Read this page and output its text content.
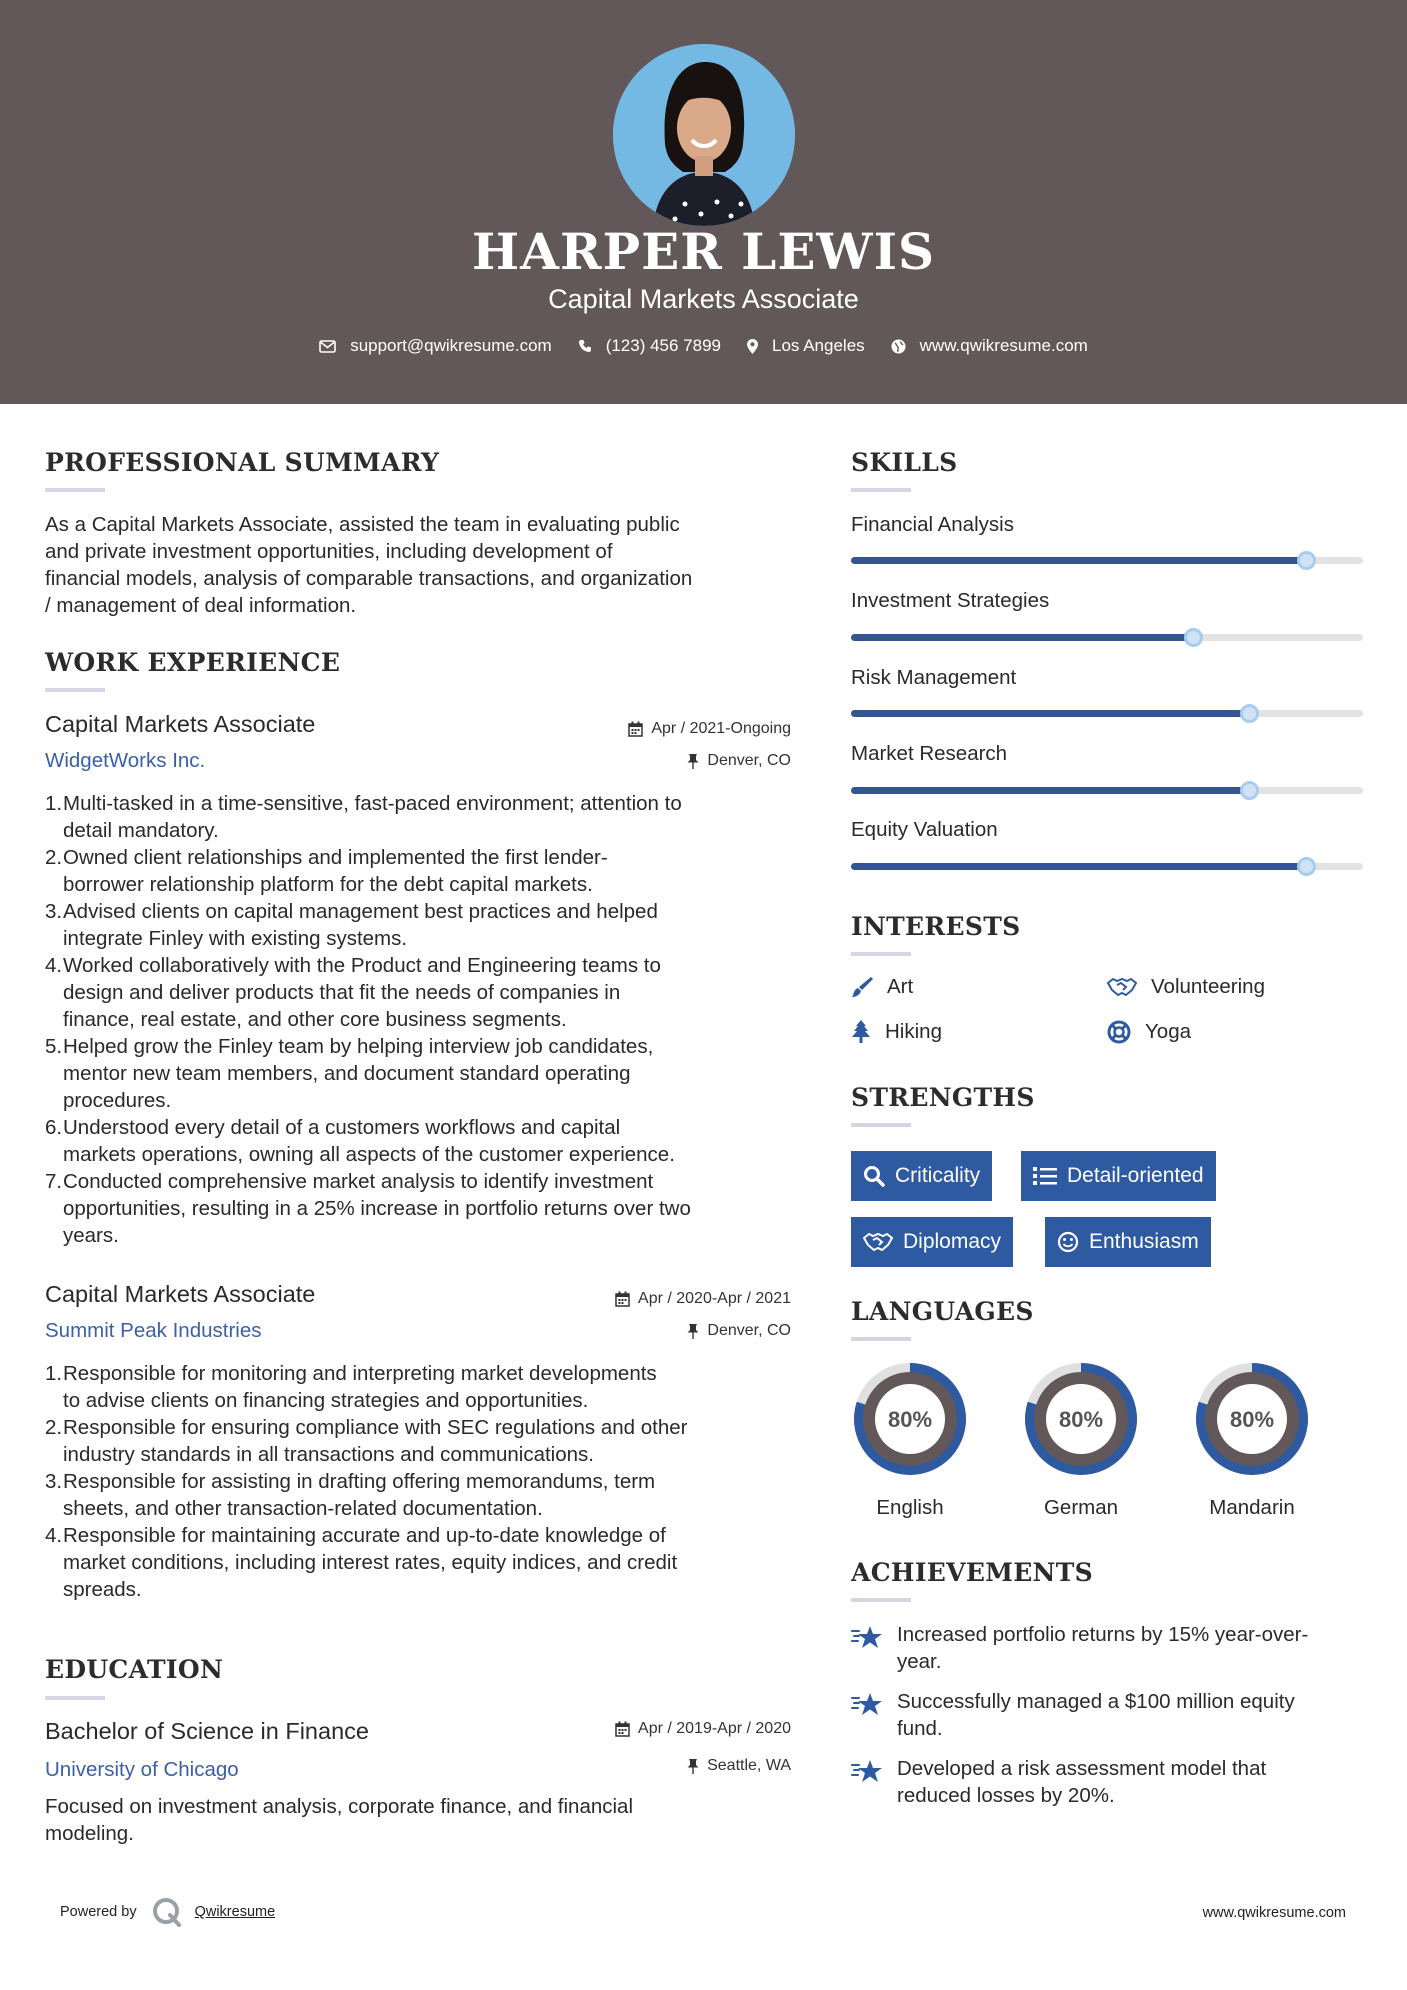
HARPER LEWIS
Capital Markets Associate
support@qwikresume.com	(123) 456 7899	Los Angeles	www.qwikresume.com
PROFESSIONAL SUMMARY
As a Capital Markets Associate, assisted the team in evaluating public
and private investment opportunities, including development of
financial models, analysis of comparable transactions, and organization
/ management of deal information.
WORK EXPERIENCE
Capital Markets Associate	Apr / 2021-Ongoing
WidgetWorks Inc.	Denver, CO
1. Multi-tasked in a time-sensitive, fast-paced environment; attention to
detail mandatory.
2. Owned client relationships and implemented the first lender-
borrower relationship platform for the debt capital markets.
3. Advised clients on capital management best practices and helped
integrate Finley with existing systems.
4. Worked collaboratively with the Product and Engineering teams to
design and deliver products that fit the needs of companies in
finance, real estate, and other core business segments.
5. Helped grow the Finley team by helping interview job candidates,
mentor new team members, and document standard operating
procedures.
6. Understood every detail of a customers workflows and capital
markets operations, owning all aspects of the customer experience.
7. Conducted comprehensive market analysis to identify investment
opportunities, resulting in a 25% increase in portfolio returns over two
years.
Capital Markets Associate	Apr / 2020-Apr / 2021
Summit Peak Industries	Denver, CO
1. Responsible for monitoring and interpreting market developments
to advise clients on financing strategies and opportunities.
2. Responsible for ensuring compliance with SEC regulations and other
industry standards in all transactions and communications.
3. Responsible for assisting in drafting offering memorandums, term
sheets, and other transaction-related documentation.
4. Responsible for maintaining accurate and up-to-date knowledge of
market conditions, including interest rates, equity indices, and credit
spreads.
EDUCATION
Bachelor of Science in Finance	Apr / 2019-Apr / 2020
University of Chicago	Seattle, WA
Focused on investment analysis, corporate finance, and financial
modeling.
SKILLS
Financial Analysis
Investment Strategies
Risk Management
Market Research
Equity Valuation
INTERESTS
Art	Volunteering
Hiking	Yoga
STRENGTHS
Criticality	Detail-oriented
Diplomacy	Enthusiasm
LANGUAGES
80%
English
80%
German
80%
Mandarin
ACHIEVEMENTS
Increased portfolio returns by 15% year-over-
year.
Successfully managed a $100 million equity
fund.
Developed a risk assessment model that
reduced losses by 20%.
Powered by	Qwikresume	www.qwikresume.com
